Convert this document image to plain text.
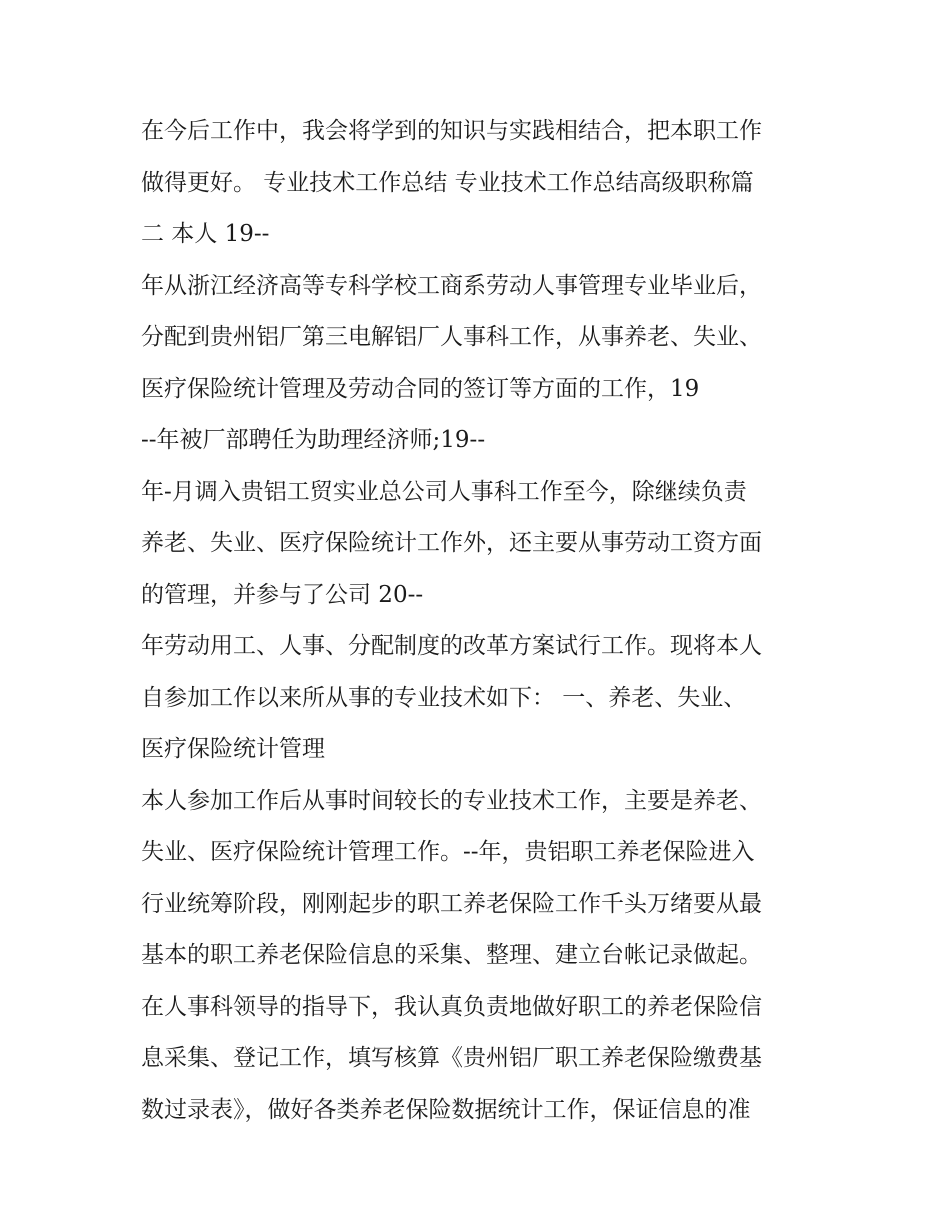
在今后工作中，我会将学到的知识与实践相结合，把本职工作
做得更好。 专业技术工作总结 专业技术工作总结高级职称篇
二 本人 19--
年从浙江经济高等专科学校工商系劳动人事管理专业毕业后，
分配到贵州铝厂第三电解铝厂人事科工作，从事养老、失业、
医疗保险统计管理及劳动合同的签订等方面的工作，19
--年被厂部聘任为助理经济师;19--
年-月调入贵铝工贸实业总公司人事科工作至今，除继续负责
养老、失业、医疗保险统计工作外，还主要从事劳动工资方面
的管理，并参与了公司 20--
年劳动用工、人事、分配制度的改革方案试行工作。现将本人
自参加工作以来所从事的专业技术如下： 一、养老、失业、
医疗保险统计管理
本人参加工作后从事时间较长的专业技术工作，主要是养老、
失业、医疗保险统计管理工作。--年，贵铝职工养老保险进入
行业统筹阶段，刚刚起步的职工养老保险工作千头万绪要从最
基本的职工养老保险信息的采集、整理、建立台帐记录做起。
在人事科领导的指导下，我认真负责地做好职工的养老保险信
息采集、登记工作，填写核算《贵州铝厂职工养老保险缴费基
数过录表》，做好各类养老保险数据统计工作，保证信息的准
